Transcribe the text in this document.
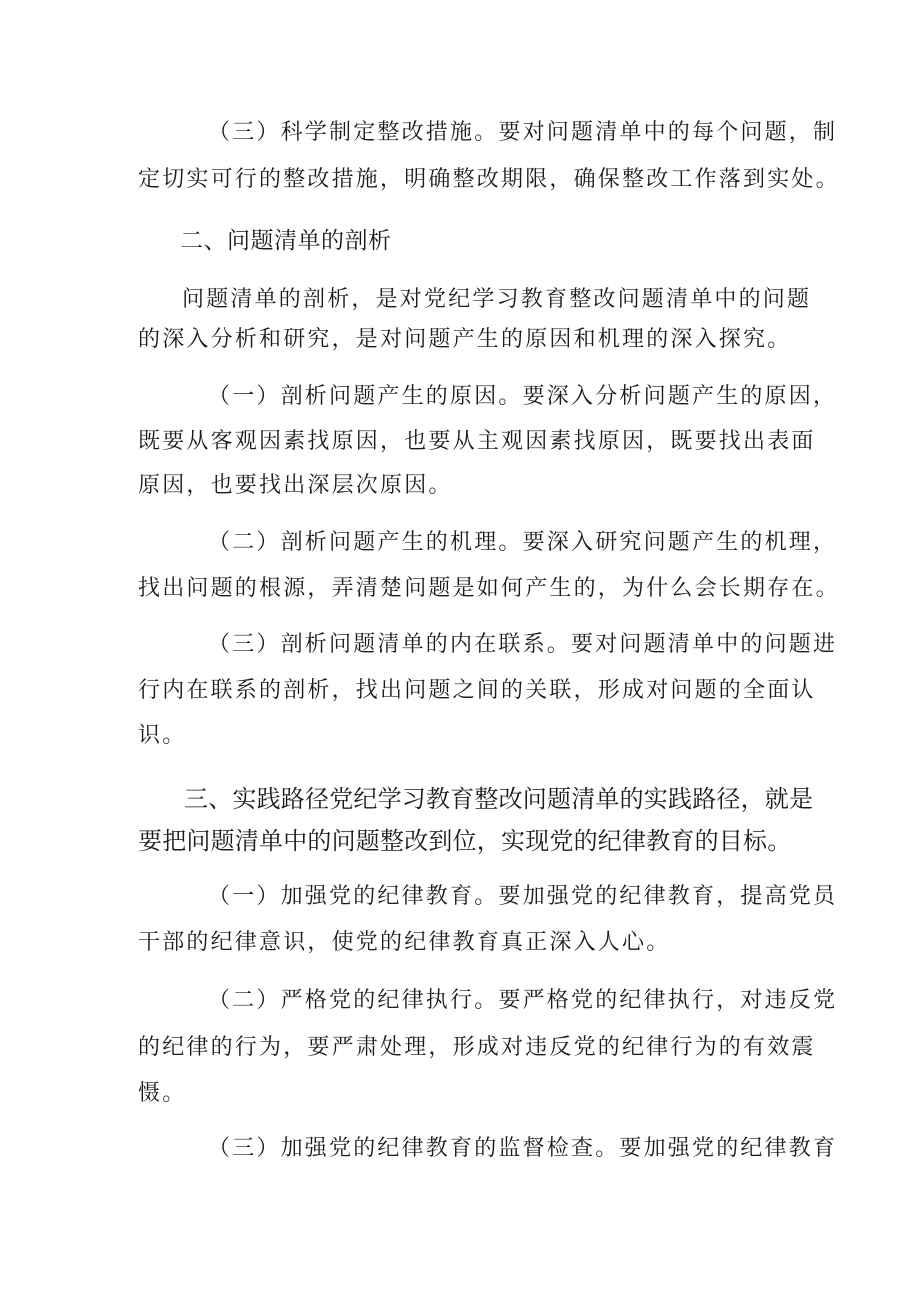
（三）科学制定整改措施。要对问题清单中的每个问题，制
定切实可行的整改措施，明确整改期限，确保整改工作落到实处。
二、问题清单的剖析
问题清单的剖析，是对党纪学习教育整改问题清单中的问题
的深入分析和研究，是对问题产生的原因和机理的深入探究。
（一）剖析问题产生的原因。要深入分析问题产生的原因，
既要从客观因素找原因，也要从主观因素找原因，既要找出表面
原因，也要找出深层次原因。
（二）剖析问题产生的机理。要深入研究问题产生的机理，
找出问题的根源，弄清楚问题是如何产生的，为什么会长期存在。
（三）剖析问题清单的内在联系。要对问题清单中的问题进
行内在联系的剖析，找出问题之间的关联，形成对问题的全面认
识。
三、实践路径党纪学习教育整改问题清单的实践路径，就是
要把问题清单中的问题整改到位，实现党的纪律教育的目标。
（一）加强党的纪律教育。要加强党的纪律教育，提高党员
干部的纪律意识，使党的纪律教育真正深入人心。
（二）严格党的纪律执行。要严格党的纪律执行，对违反党
的纪律的行为，要严肃处理，形成对违反党的纪律行为的有效震
慑。
（三）加强党的纪律教育的监督检查。要加强党的纪律教育
